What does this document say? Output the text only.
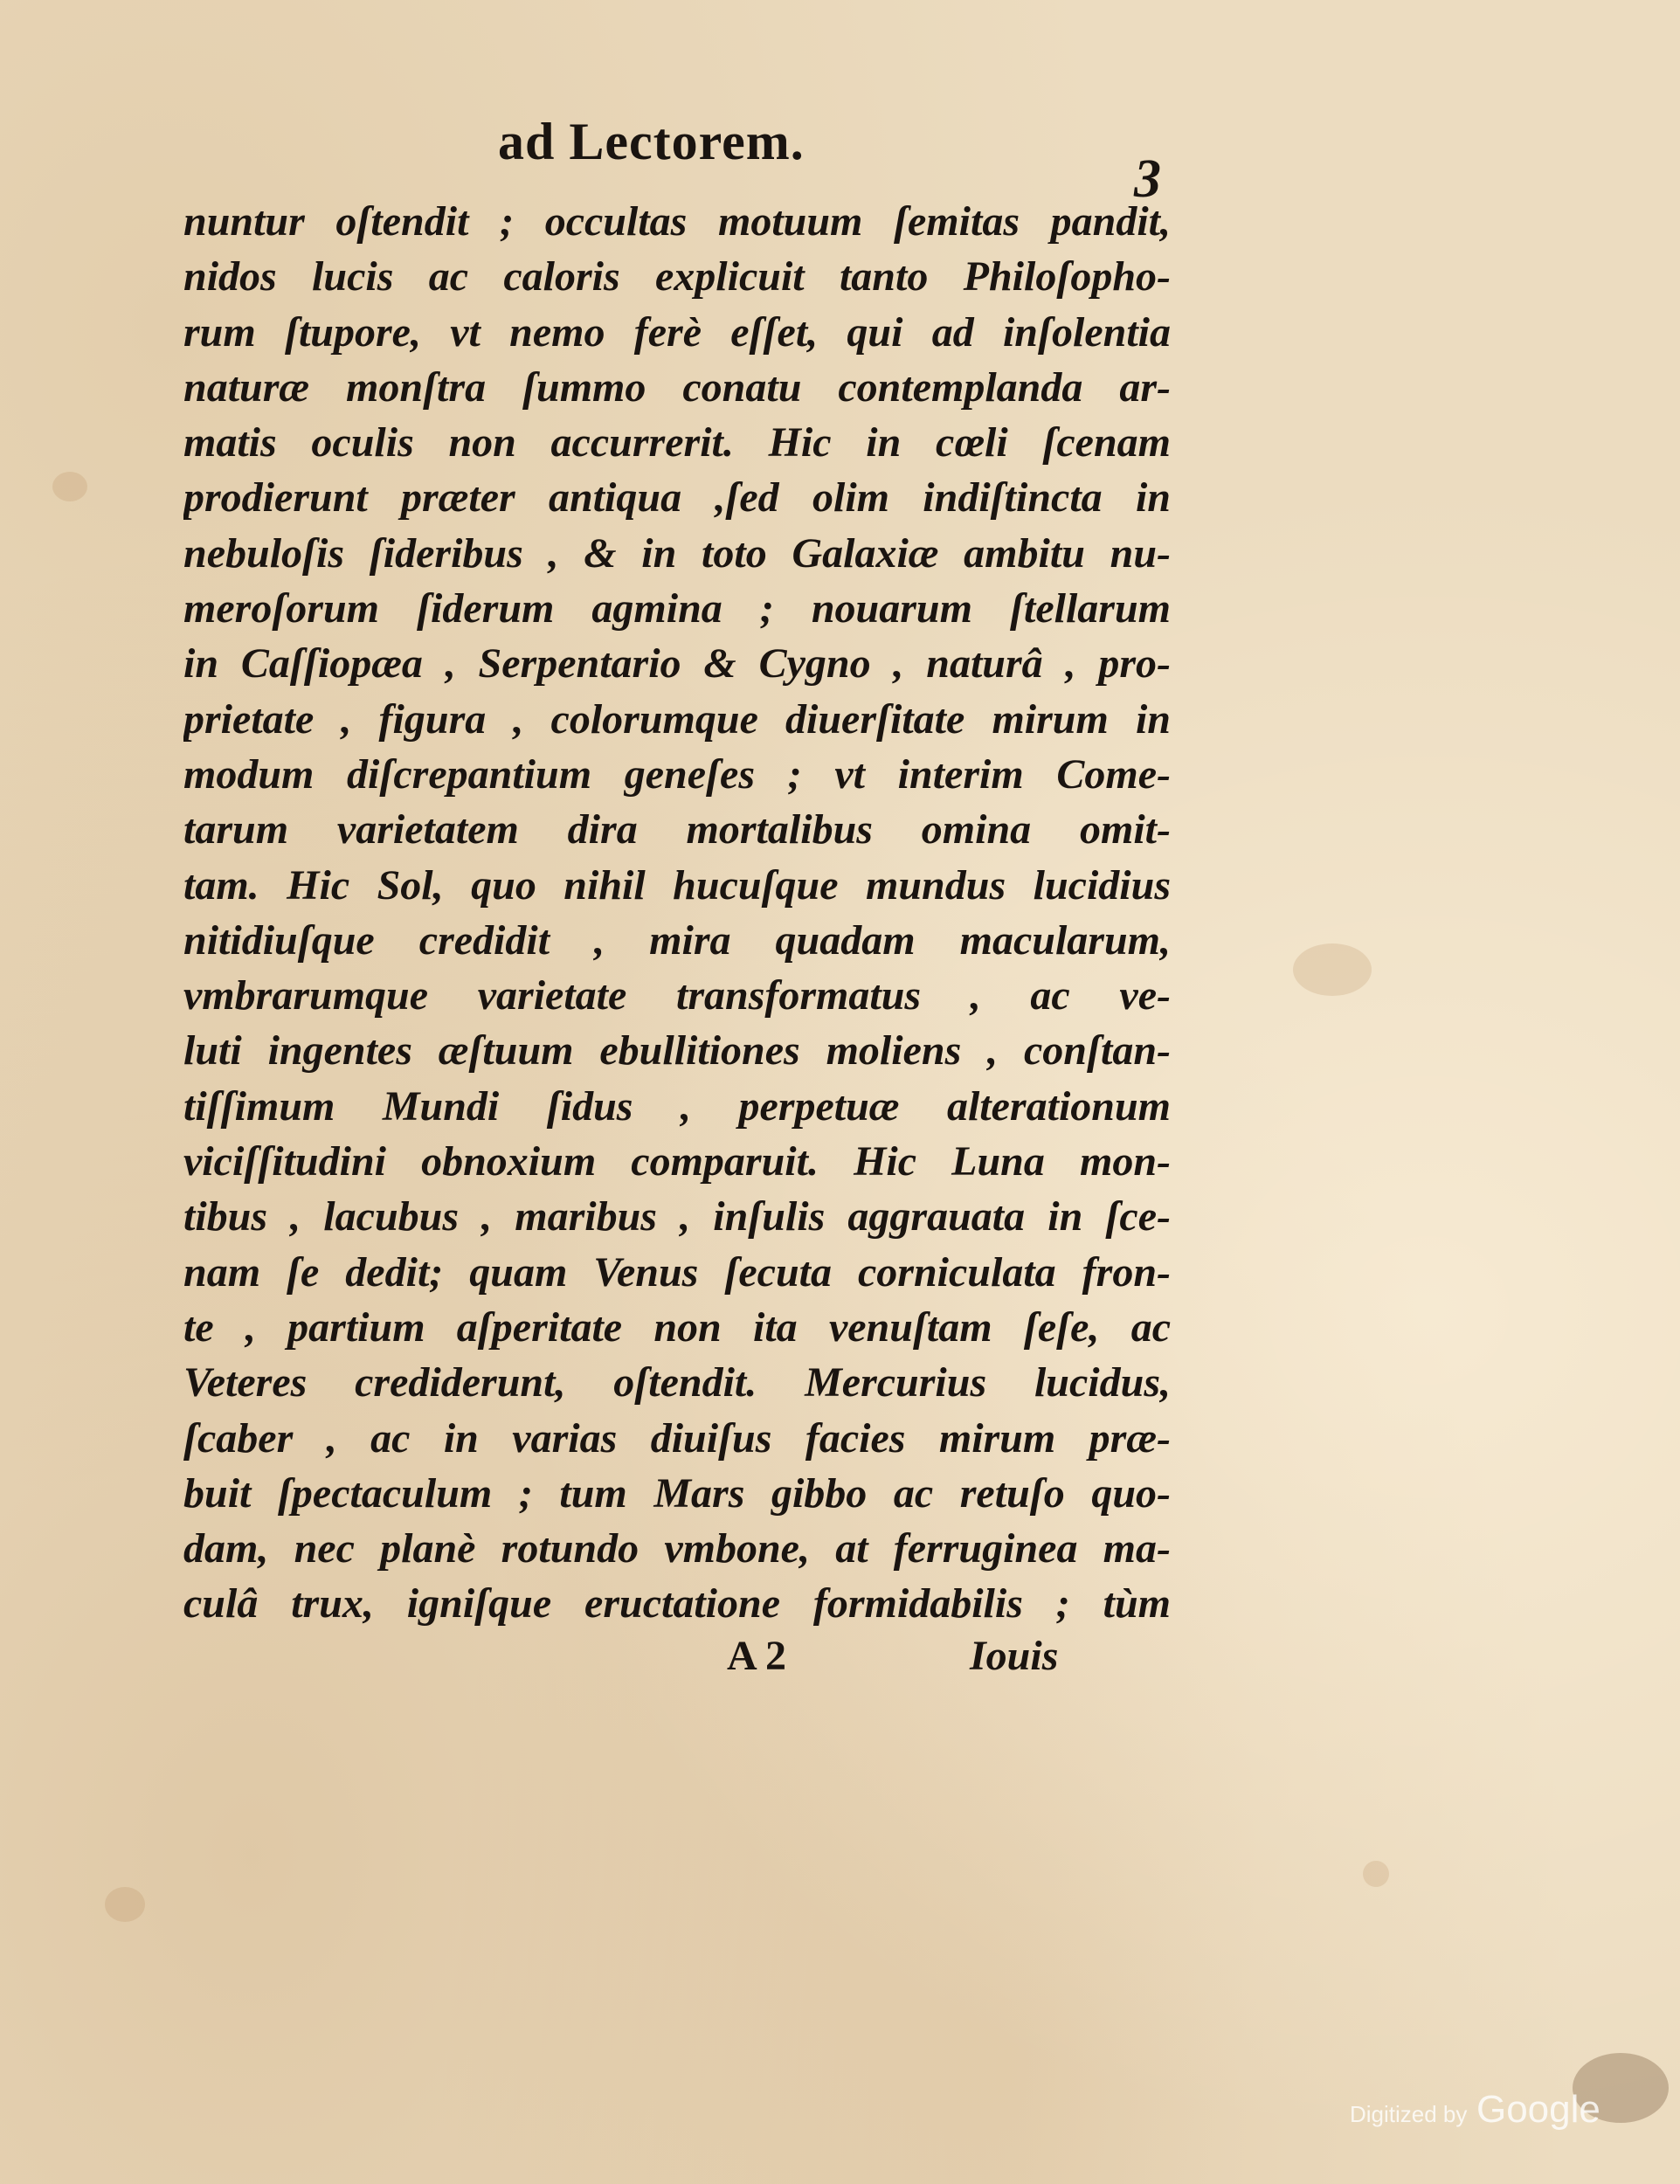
ad Lectorem.
3
nuntur oſtendit ; occultas motuum ſemitas pandit,
nidos lucis ac caloris explicuit tanto Philoſopho-
rum ſtupore, vt nemo ferè eſſet, qui ad inſolentia
naturæ monſtra ſummo conatu contemplanda ar-
matis oculis non accurrerit. Hic in cœli ſcenam
prodierunt præter antiqua ,ſed olim indiſtincta in
nebuloſis ſideribus , & in toto Galaxiæ ambitu nu-
meroſorum ſiderum agmina ; nouarum ſtellarum
in Caſſiopæa , Serpentario & Cygno , naturâ , pro-
prietate , figura , colorumque diuerſitate mirum in
modum diſcrepantium geneſes ; vt interim Come-
tarum varietatem dira mortalibus omina omit-
tam. Hic Sol, quo nihil hucuſque mundus lucidius
nitidiuſque credidit , mira quadam macularum,
vmbrarumque varietate transformatus , ac ve-
luti ingentes æſtuum ebullitiones moliens , conſtan-
tiſſimum Mundi ſidus , perpetuæ alterationum
viciſſitudini obnoxium comparuit. Hic Luna mon-
tibus , lacubus , maribus , inſulis aggrauata in ſce-
nam ſe dedit; quam Venus ſecuta corniculata fron-
te , partium aſperitate non ita venuſtam ſeſe, ac
Veteres crediderunt, oſtendit. Mercurius lucidus,
ſcaber , ac in varias diuiſus facies mirum præ-
buit ſpectaculum ; tum Mars gibbo ac retuſo quo-
dam, nec planè rotundo vmbone, at ferruginea ma-
culâ trux, igniſque eructatione formidabilis ; tùm
A 2	Iouis
Digitized by Google
